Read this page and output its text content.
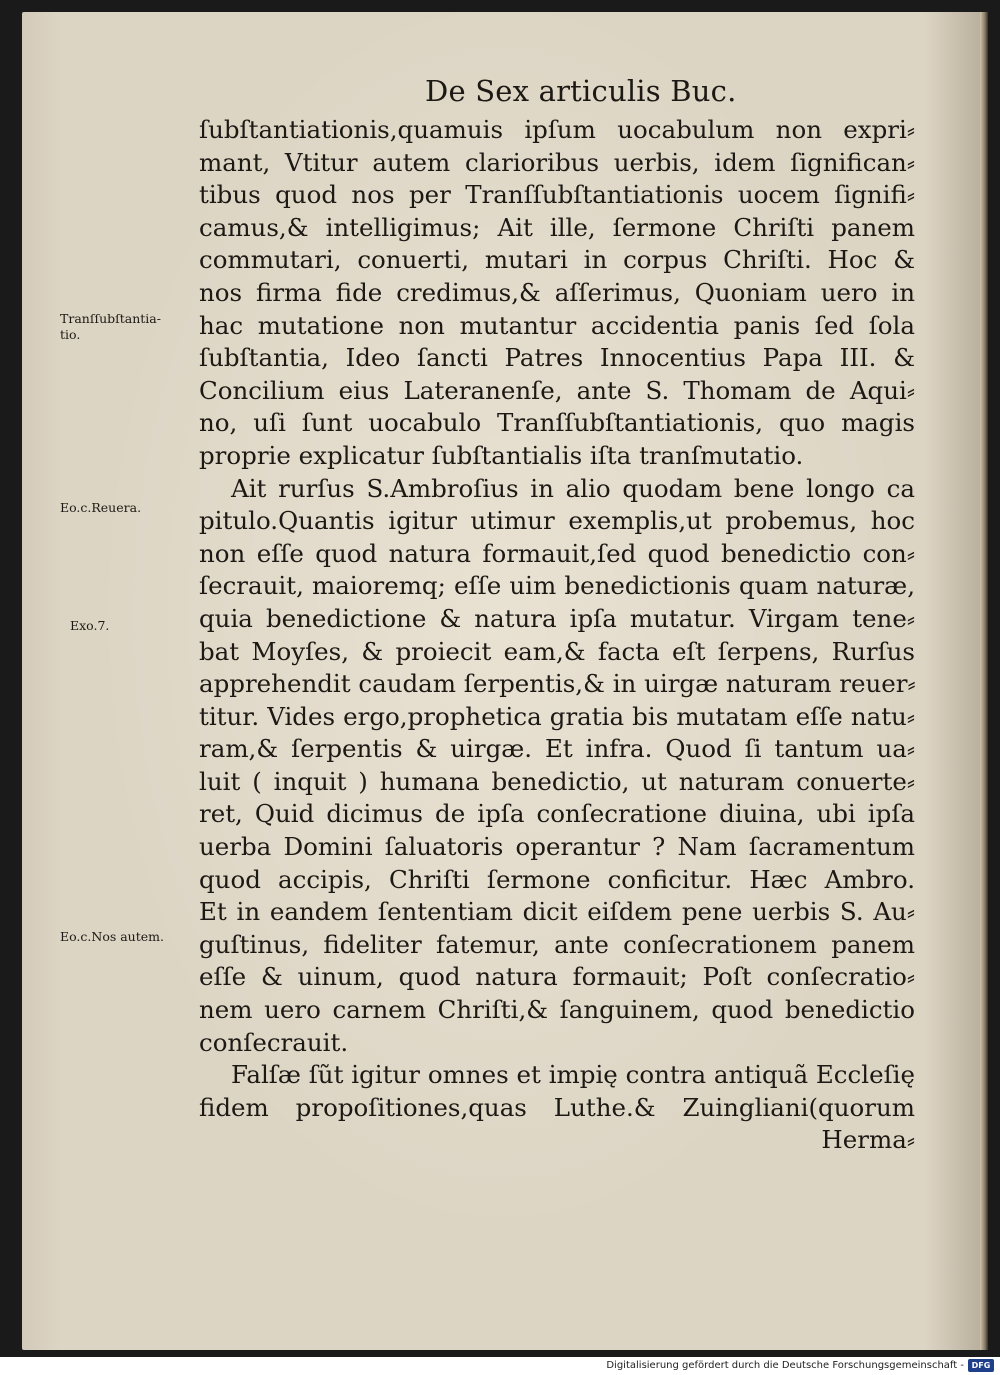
De Sex articulis Buc.
ſubſtantiationis,quamuis ipſum uocabulum non expri⸗
mant, Vtitur autem clarioribus uerbis, idem ſignifican⸗
tibus quod nos per Tranſſubſtantiationis uocem ſignifi⸗
camus,& intelligimus; Ait ille, ſermone Chriſti panem
commutari, conuerti, mutari in corpus Chriſti. Hoc &
nos firma fide credimus,& aſſerimus, Quoniam uero in
hac mutatione non mutantur accidentia panis ſed ſola
ſubſtantia, Ideo ſancti Patres Innocentius Papa III. &
Concilium eius Lateranenſe, ante S. Thomam de Aqui⸗
no, uſi ſunt uocabulo Tranſſubſtantiationis, quo magis
proprie explicatur ſubſtantialis iſta tranſmutatio.
Ait rurſus S.Ambroſius in alio quodam bene longo ca
pitulo.Quantis igitur utimur exemplis,ut probemus, hoc
non eſſe quod natura formauit,ſed quod benedictio con⸗
ſecrauit, maioremq; eſſe uim benedictionis quam naturæ,
quia benedictione & natura ipſa mutatur. Virgam tene⸗
bat Moyſes, & proiecit eam,& facta eſt ſerpens, Rurſus
apprehendit caudam ſerpentis,& in uirgæ naturam reuer⸗
titur. Vides ergo,prophetica gratia bis mutatam eſſe natu⸗
ram,& ſerpentis & uirgæ. Et infra. Quod ſi tantum ua⸗
luit ( inquit ) humana benedictio, ut naturam conuerte⸗
ret, Quid dicimus de ipſa conſecratione diuina, ubi ipſa
uerba Domini ſaluatoris operantur ? Nam ſacramentum
quod accipis, Chriſti ſermone conficitur. Hæc Ambro.
Et in eandem ſententiam dicit eiſdem pene uerbis S. Au⸗
guſtinus, fideliter fatemur, ante conſecrationem panem
eſſe & uinum, quod natura formauit; Poſt conſecratio⸗
nem uero carnem Chriſti,& ſanguinem, quod benedictio
conſecrauit.
Falſæ ſũt igitur omnes et impię contra antiquã Eccleſię
fidem propoſitiones,quas Luthe.& Zuingliani(quorum
Herma⸗
Tranſſubſtantia-
tio.
Eo.c.Reuera.
Exo.7.
Eo.c.Nos autem.
Digitalisierung gefördert durch die Deutsche Forschungsgemeinschaft - DFG
